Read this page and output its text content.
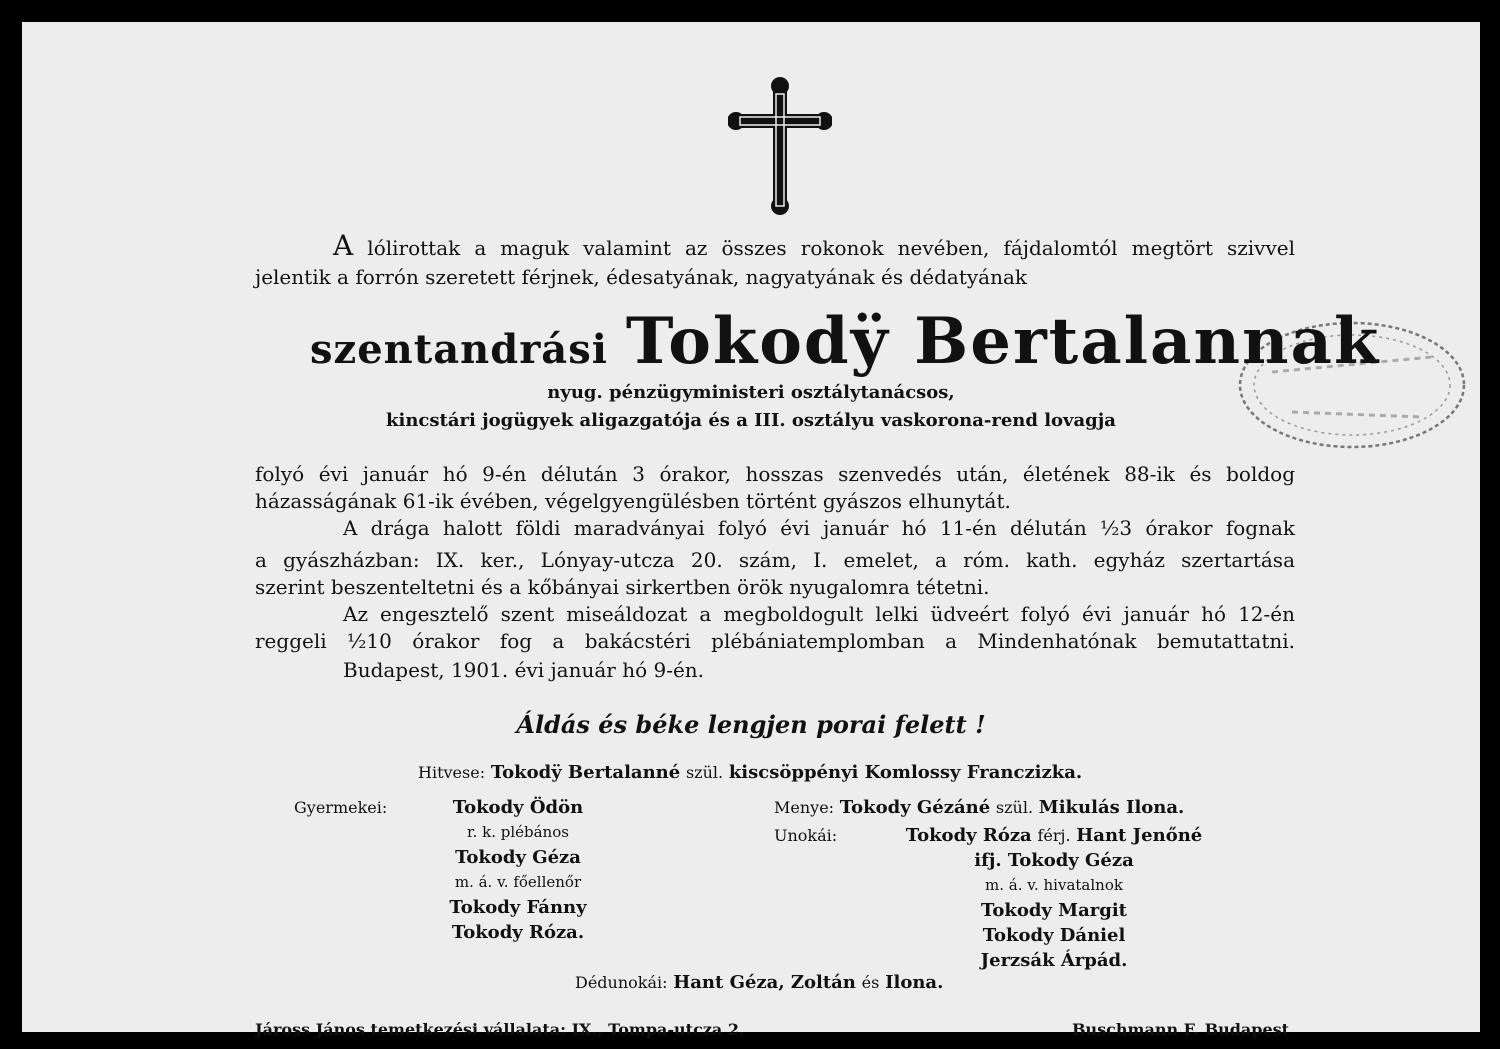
A lólirottak a maguk valamint az összes rokonok nevében, fájdalomtól megtört szivvel
jelentik a forrón szeretett férjnek, édesatyának, nagyatyának és dédatyának
szentandrási Tokodÿ Bertalannak
nyug. pénzügyministeri osztálytanácsos,
kincstári jogügyek aligazgatója és a III. osztályu vaskorona-rend lovagja
folyó évi január hó 9-én délután 3 órakor, hosszas szenvedés után, életének 88-ik és boldog
házasságának 61-ik évében, végelgyengülésben történt gyászos elhunytát.
A drága halott földi maradványai folyó évi január hó 11-én délután ½3 órakor fognak
a gyászházban: IX. ker., Lónyay-utcza 20. szám, I. emelet, a róm. kath. egyház szertartása
szerint beszenteltetni és a kőbányai sirkertben örök nyugalomra tétetni.
Az engesztelő szent miseáldozat a megboldogult lelki üdveért folyó évi január hó 12-én
reggeli ½10 órakor fog a bakácstéri plébániatemplomban a Mindenhatónak bemutattatni.
Budapest, 1901. évi január hó 9-én.
Áldás és béke lengjen porai felett !
Hitvese: Tokodÿ Bertalanné szül. kiscsöppényi Komlossy Franczizka.
Gyermekei:	Tokody Ödön
r. k. plébános
Tokody Géza
m. á. v. főellenőr
Tokody Fánny
Tokody Róza.
Menye: Tokody Gézáné szül. Mikulás Ilona.
Unokái:	Tokody Róza férj. Hant Jenőné
ifj. Tokody Géza
m. á. v. hivatalnok
Tokody Margit
Tokody Dániel
Jerzsák Árpád.
Dédunokái: Hant Géza, Zoltán és Ilona.
Jáross János temetkezési vállalata: IX., Tompa-utcza 2.	Buschmann F. Budapest
